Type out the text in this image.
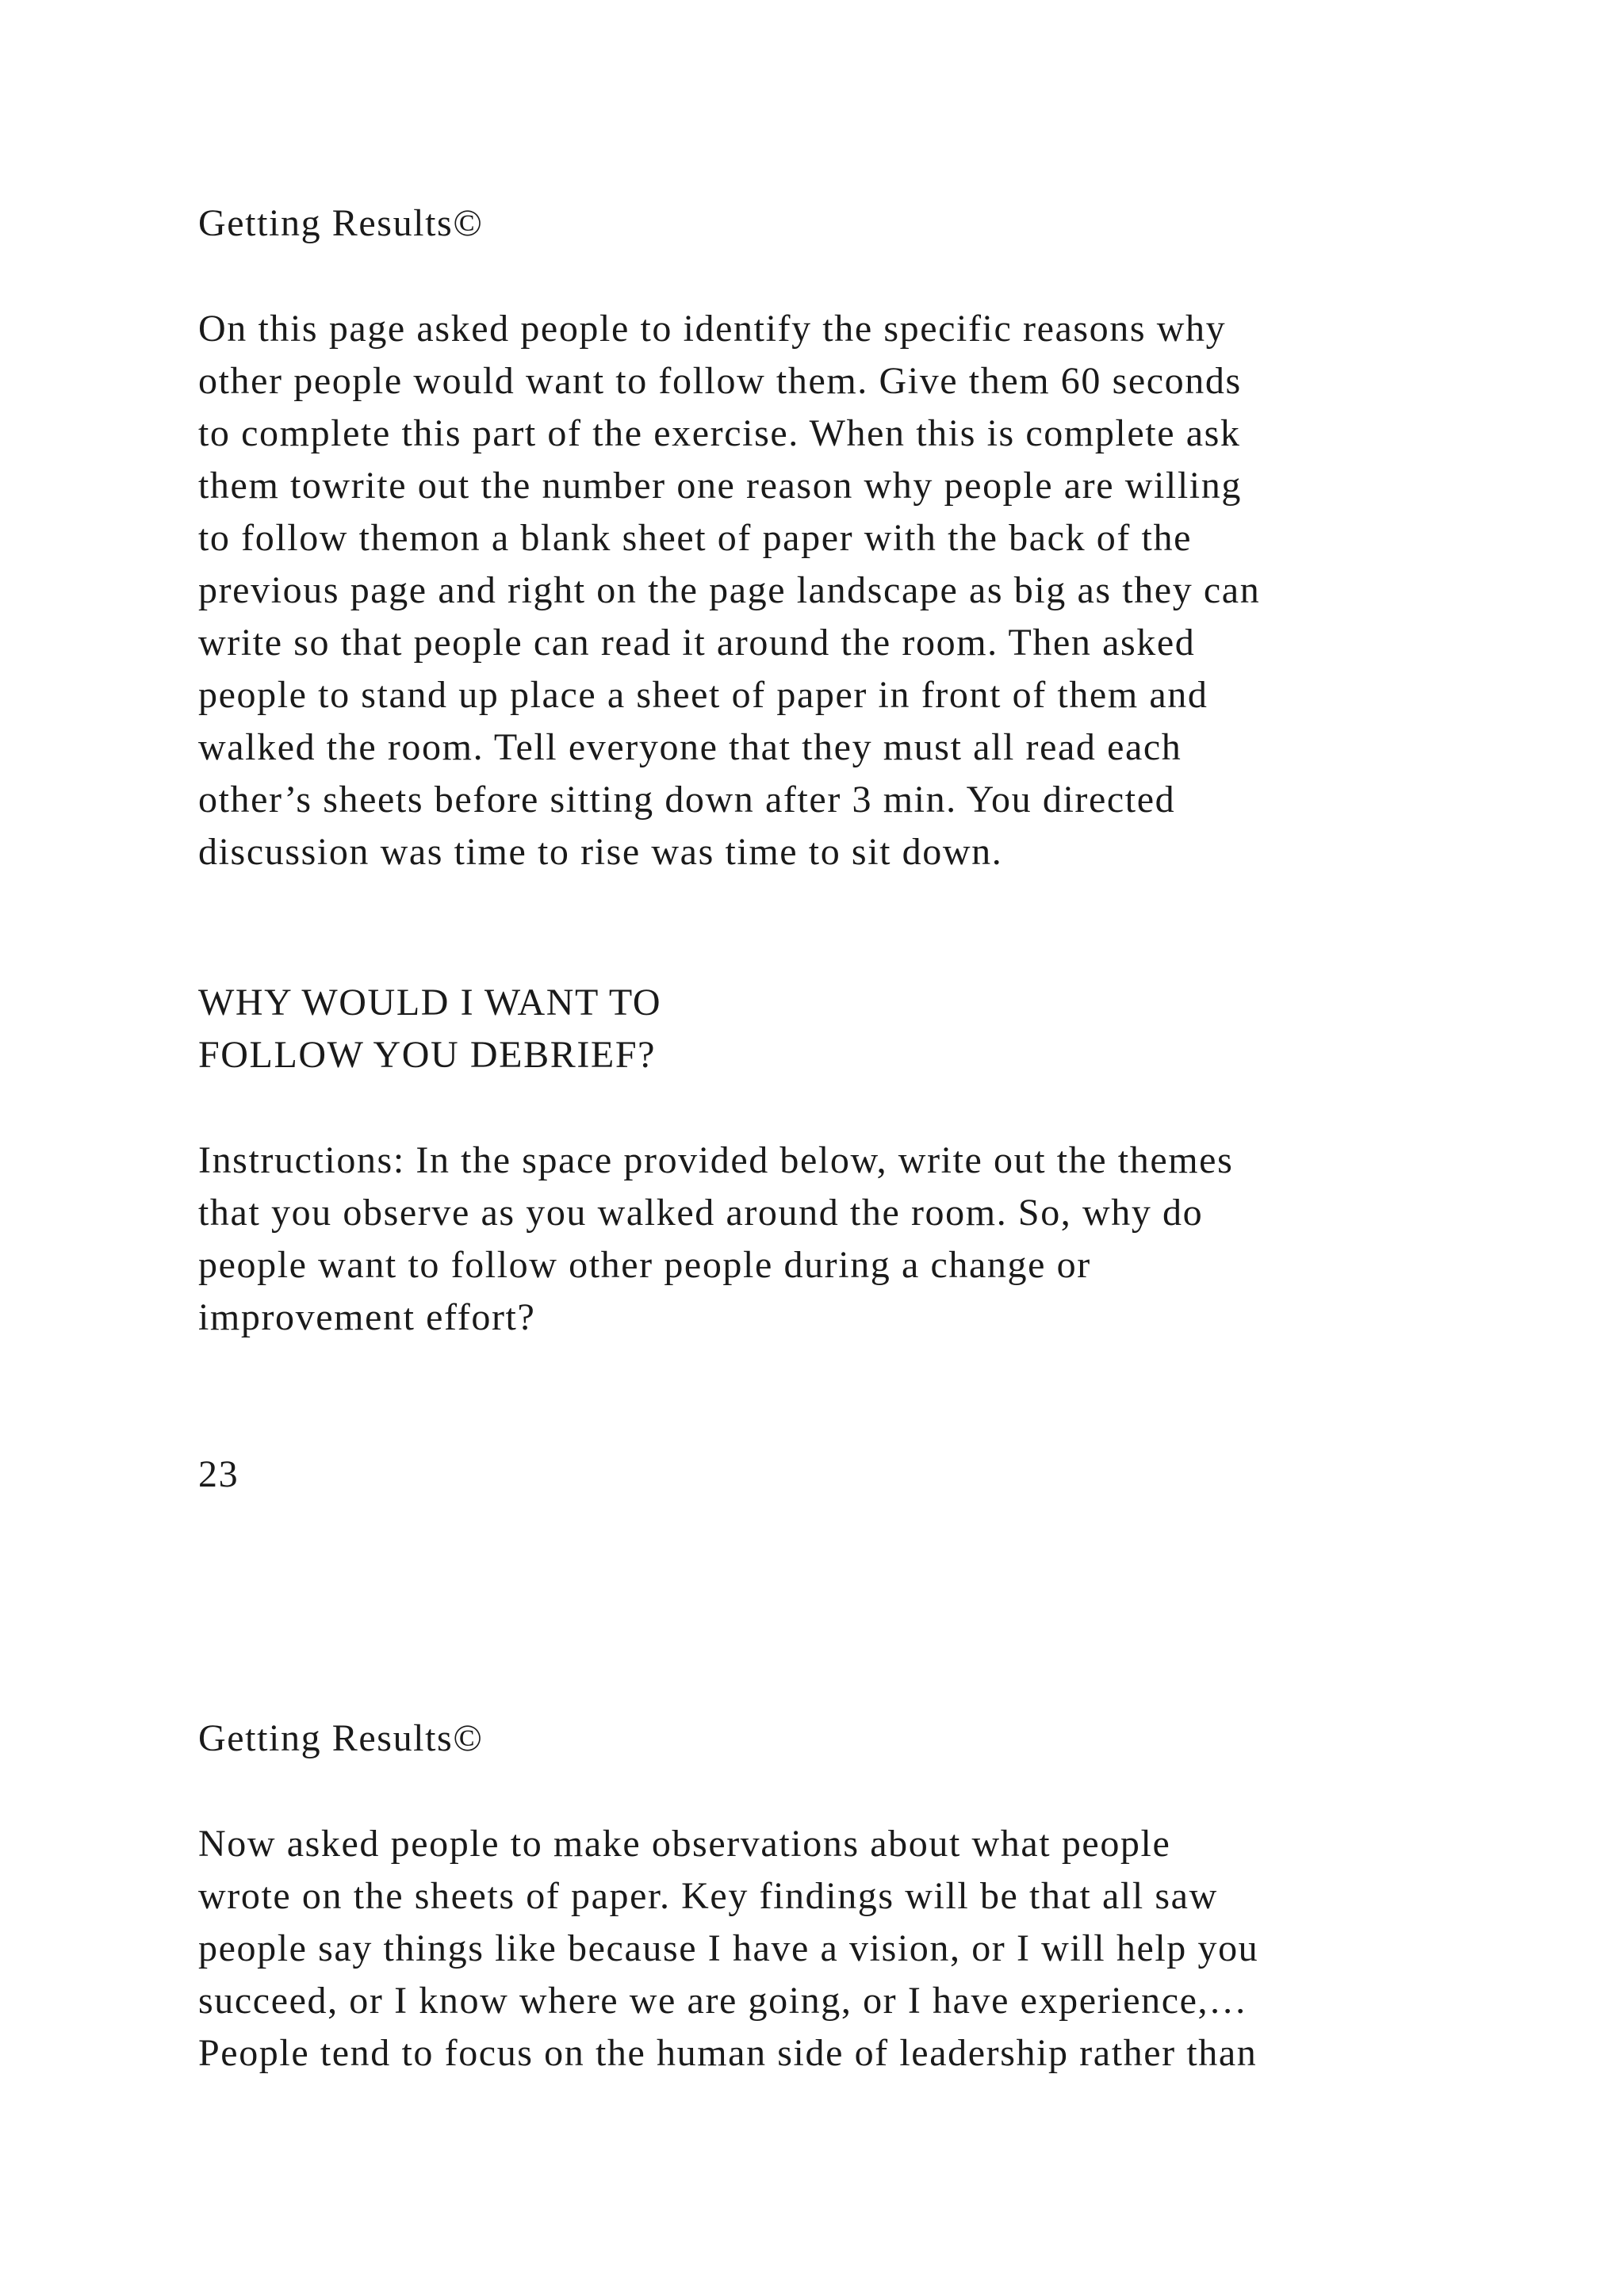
Getting Results©

On this page asked people to identify the specific reasons why
other people would want to follow them. Give them 60 seconds
to complete this part of the exercise. When this is complete ask
them towrite out the number one reason why people are willing
to follow themon a blank sheet of paper with the back of the
previous page and right on the page landscape as big as they can
write so that people can read it around the room. Then asked
people to stand up place a sheet of paper in front of them and
walked the room. Tell everyone that they must all read each
other’s sheets before sitting down after 3 min. You directed
discussion was time to rise was time to sit down.

WHY WOULD I WANT TO
FOLLOW YOU DEBRIEF?

Instructions: In the space provided below, write out the themes
that you observe as you walked around the room. So, why do
people want to follow other people during a change or
improvement effort?

23

Getting Results©

Now asked people to make observations about what people
wrote on the sheets of paper. Key findings will be that all saw
people say things like because I have a vision, or I will help you
succeed, or I know where we are going, or I have experience,…
People tend to focus on the human side of leadership rather than
